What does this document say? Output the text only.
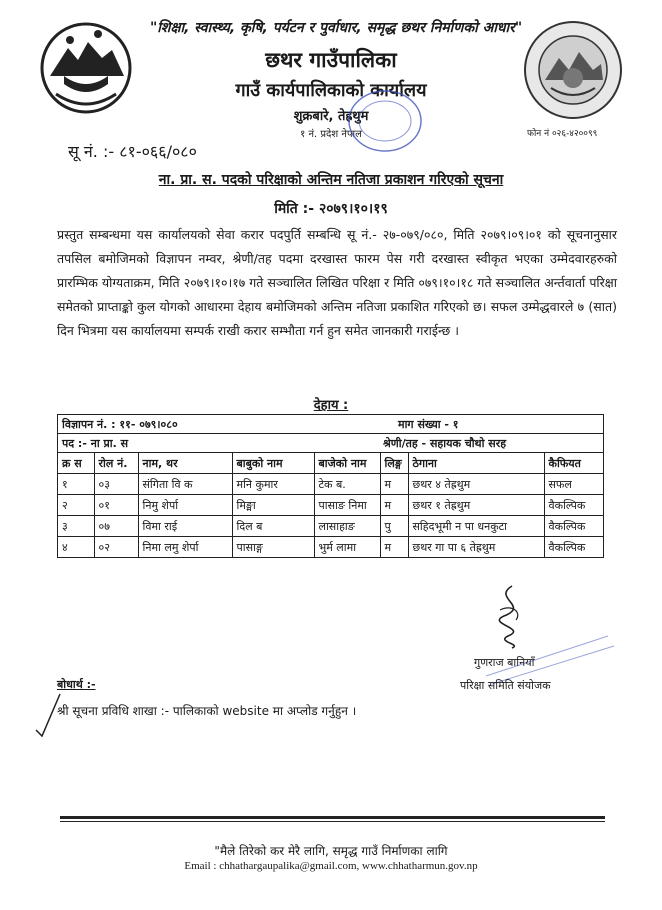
"शिक्षा, स्वास्थ्य, कृषि, पर्यटन र पुर्वाधार, समृद्ध छथर निर्माणको आधार"
छथर गाउँपालिका
गाउँ कार्यपालिकाको कार्यालय
शुक्रबारे, तेह्रथुम
१ नं. प्रदेश नेपाल	फोन नं ०२६-४२००९९
सू नं. :- ८१-०६६/०८०
ना. प्रा. स. पदको परिक्षाको अन्तिम नतिजा प्रकाशन गरिएको सूचना
मिति :- २०७९।१०।१९
प्रस्तुत सम्बन्धमा यस कार्यालयको सेवा करार पदपुर्ति सम्बन्धि सू नं.- २७-०७९/०८०, मिति २०७९।०९।०१ को सूचनानुसार तपसिल बमोजिमको विज्ञापन नम्वर, श्रेणी/तह पदमा दरखास्त फारम पेस गरी दरखास्त स्वीकृत भएका उम्मेदवारहरुको प्रारम्भिक योग्यताक्रम, मिति २०७९।१०।१७ गते सञ्चालित लिखित परिक्षा र मिति ०७९।१०।१८ गते सञ्चालित अर्न्तवार्ता परिक्षा समेतको प्राप्ताङ्को कुल योगको आधारमा देहाय बमोजिमको अन्तिम नतिजा प्रकाशित गरिएको छ। सफल उम्मेद्धवारले ७ (सात) दिन भित्रमा यस कार्यालयमा सम्पर्क राखी करार सम्भौता गर्न हुन समेत जानकारी गराईन्छ ।
देहाय :
विज्ञापन नं. : ११- ०७९।०८०	माग संख्या - १
पद :- ना प्रा. स	श्रेणी/तह - सहायक चौथो सरह
क्र स	रोल नं.	नाम, थर	बाबुको नाम	बाजेको नाम	लिङ्ग	ठेगाना	कैफियत
१	०३	संगिता वि क	मनि कुमार	टेक ब.	म	छथर ४ तेह्रथुम	सफल
२	०१	निमु शेर्पा	मिङ्मा	पासाङ निमा	म	छथर १ तेह्रथुम	वैकल्पिक
३	०७	विमा राई	दिल ब	लासाहाङ	पु	सहिदभूमी न पा धनकुटा	वैकल्पिक
४	०२	निमा लमु शेर्पा	पासाङ्ग	भुर्म लामा	म	छथर गा पा ६ तेह्रथुम	वैकल्पिक
गुणराज बानियाँ
परिक्षा समिति संयोजक
बोधार्थ :-
श्री सूचना प्रविधि शाखा :- पालिकाको website मा अप्लोड गर्नुहुन ।
"मैले तिरेको कर मेरै लागि, समृद्ध गाउँ निर्माणका लागि
Email : chhathargaupalika@gmail.com, www.chhatharmun.gov.np
